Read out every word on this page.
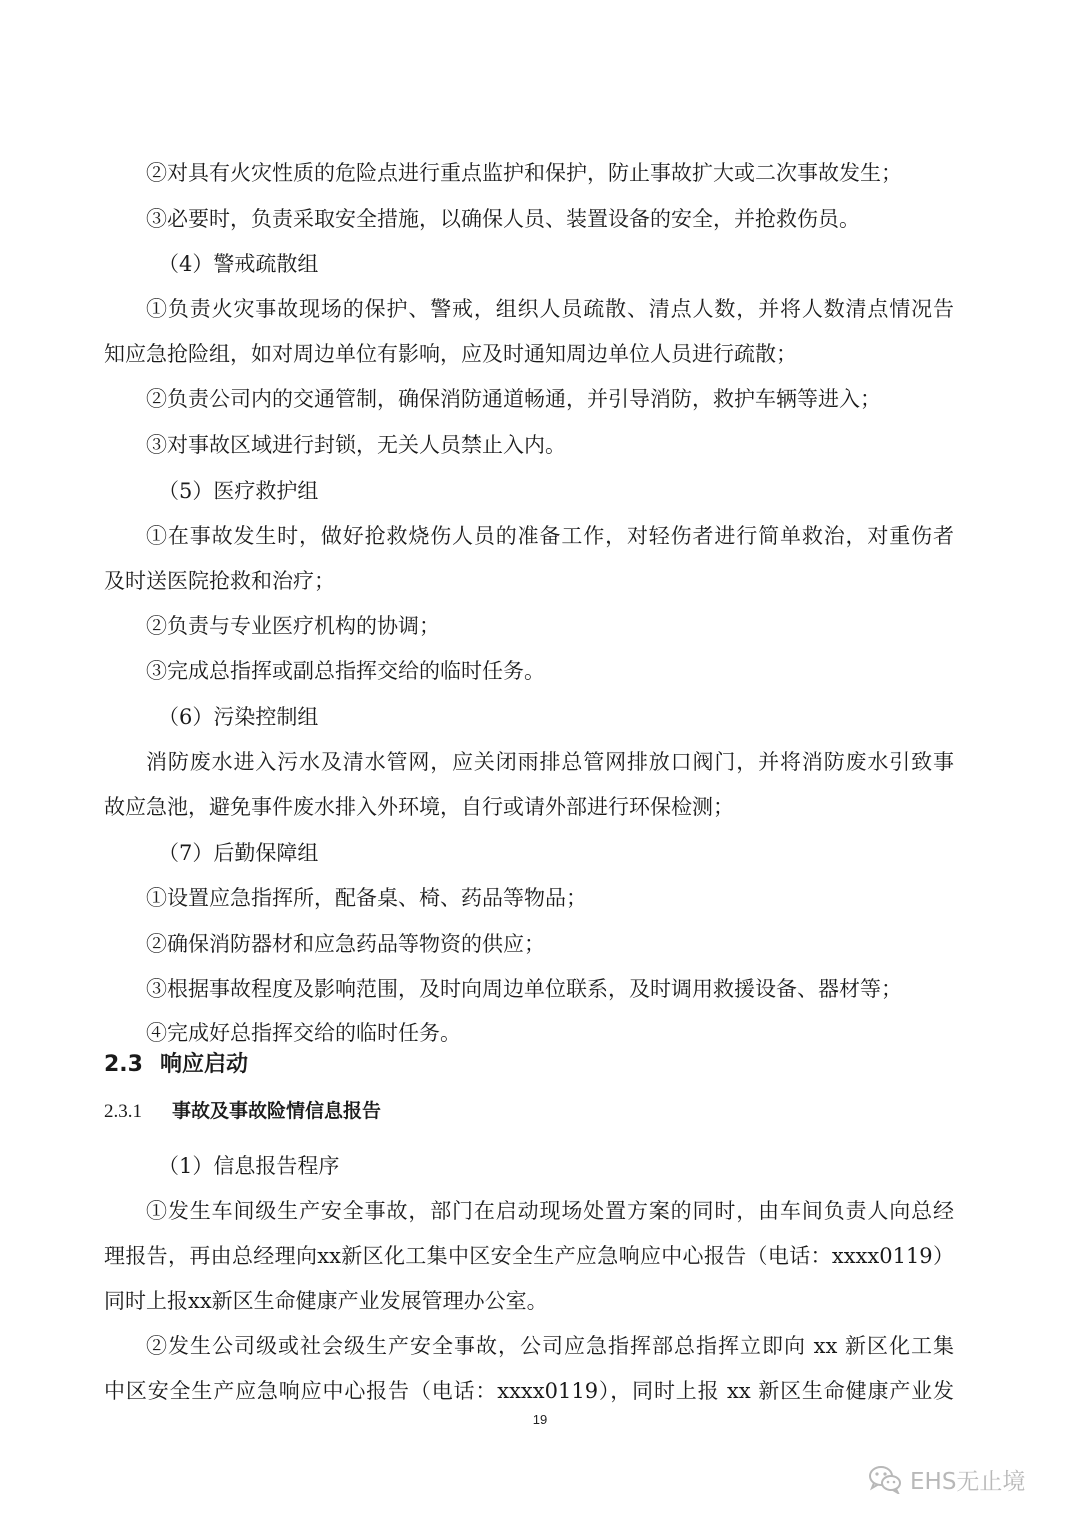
②对具有火灾性质的危险点进行重点监护和保护，防止事故扩大或二次事故发生；
③必要时，负责采取安全措施，以确保人员、装置设备的安全，并抢救伤员。
（4）警戒疏散组
①负责火灾事故现场的保护、警戒，组织人员疏散、清点人数，并将人数清点情况告
知应急抢险组，如对周边单位有影响，应及时通知周边单位人员进行疏散；
②负责公司内的交通管制，确保消防通道畅通，并引导消防，救护车辆等进入；
③对事故区域进行封锁，无关人员禁止入内。
（5）医疗救护组
①在事故发生时，做好抢救烧伤人员的准备工作，对轻伤者进行简单救治，对重伤者
及时送医院抢救和治疗；
②负责与专业医疗机构的协调；
③完成总指挥或副总指挥交给的临时任务。
（6）污染控制组
消防废水进入污水及清水管网，应关闭雨排总管网排放口阀门，并将消防废水引致事
故应急池，避免事件废水排入外环境，自行或请外部进行环保检测；
（7）后勤保障组
①设置应急指挥所，配备桌、椅、药品等物品；
②确保消防器材和应急药品等物资的供应；
③根据事故程度及影响范围，及时向周边单位联系，及时调用救援设备、器材等；
④完成好总指挥交给的临时任务。
2.3 响应启动
2.3.1 事故及事故险情信息报告
（1）信息报告程序
①发生车间级生产安全事故，部门在启动现场处置方案的同时，由车间负责人向总经
理报告，再由总经理向xx新区化工集中区安全生产应急响应中心报告（电话：xxxx0119）
同时上报xx新区生命健康产业发展管理办公室。
②发生公司级或社会级生产安全事故，公司应急指挥部总指挥立即向 xx 新区化工集
中区安全生产应急响应中心报告（电话：xxxx0119），同时上报 xx 新区生命健康产业发
19
EHS无止境
